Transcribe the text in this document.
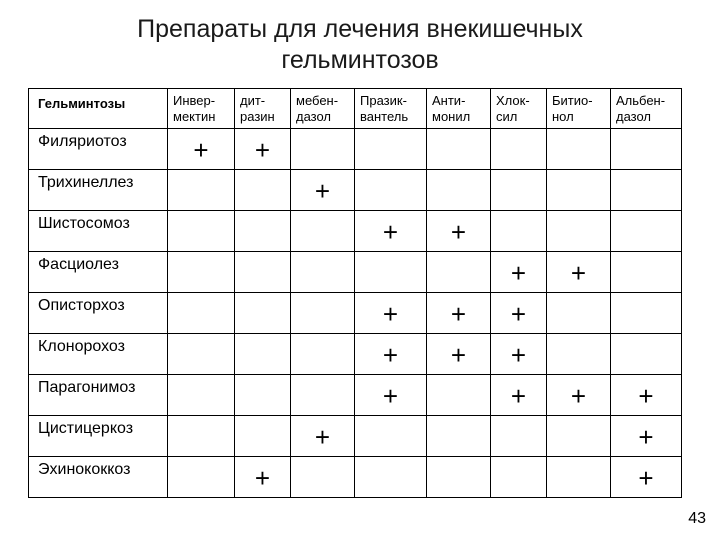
Препараты для лечения внекишечных гельминтозов
Гельминтозы	Инвер-мектин	дит-разин	мебен-дазол	Празик-вантель	Анти-монил	Хлок-сил	Битио-нол	Альбен-дазол
Филяриотоз	+	+						

Трихинеллез			+					

Шистосомоз				+	+			

Фасциолез						+	+	

Описторхоз				+	+	+		

Клонорохоз				+	+	+		

Парагонимоз				+		+	+	+

Цистицеркоз			+					+

Эхинококкоз		+						+
43
